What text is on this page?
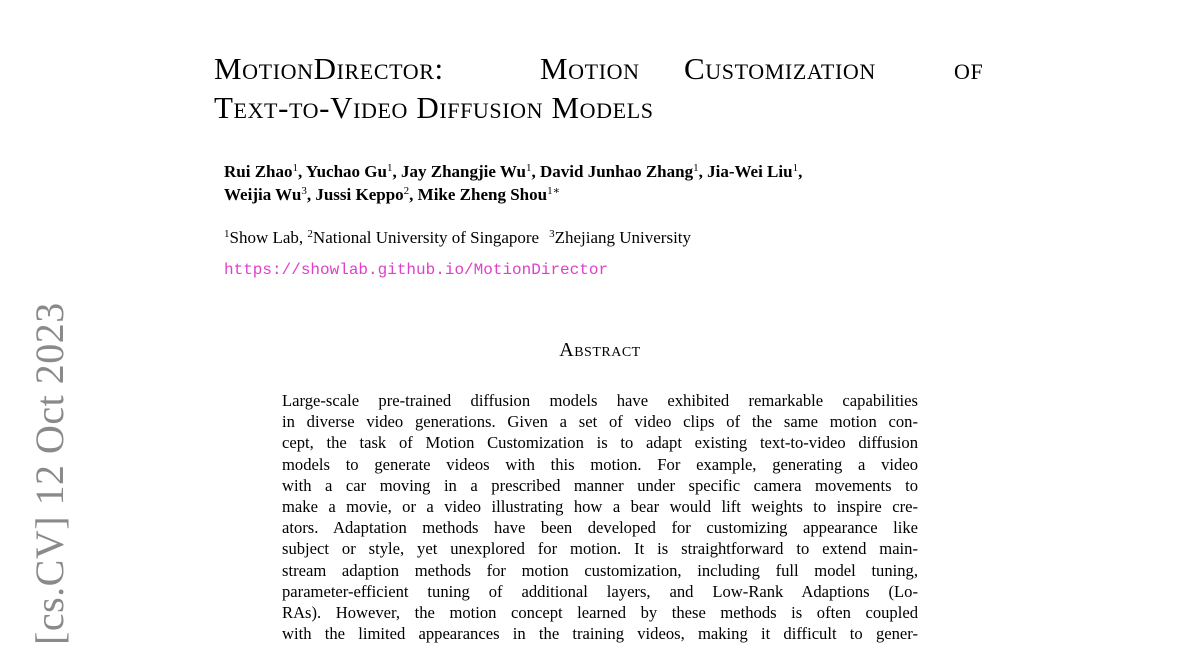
MotionDirector:	Motion Customization	of
Text-to-Video Diffusion Models
Rui Zhao$^1$, Yuchao Gu$^1$, Jay Zhangjie Wu$^1$, David Junhao Zhang$^1$, Jia-Wei Liu$^1$,
Weijia Wu$^3$, Jussi Keppo$^2$, Mike Zheng Shou$^{1∗}$
$^1$Show Lab, $^2$National University of Singapore $^3$Zhejiang University
https://showlab.github.io/MotionDirector
Abstract
Large-scale pre-trained diffusion models have exhibited remarkable capabilities
in diverse video generations. Given a set of video clips of the same motion con-
cept, the task of Motion Customization is to adapt existing text-to-video diffusion
models to generate videos with this motion. For example, generating a video
with a car moving in a prescribed manner under specific camera movements to
make a movie, or a video illustrating how a bear would lift weights to inspire cre-
ators. Adaptation methods have been developed for customizing appearance like
subject or style, yet unexplored for motion. It is straightforward to extend main-
stream adaption methods for motion customization, including full model tuning,
parameter-efficient tuning of additional layers, and Low-Rank Adaptions (Lo-
RAs). However, the motion concept learned by these methods is often coupled
with the limited appearances in the training videos, making it difficult to gener-
[cs.CV] 12 Oct 2023
